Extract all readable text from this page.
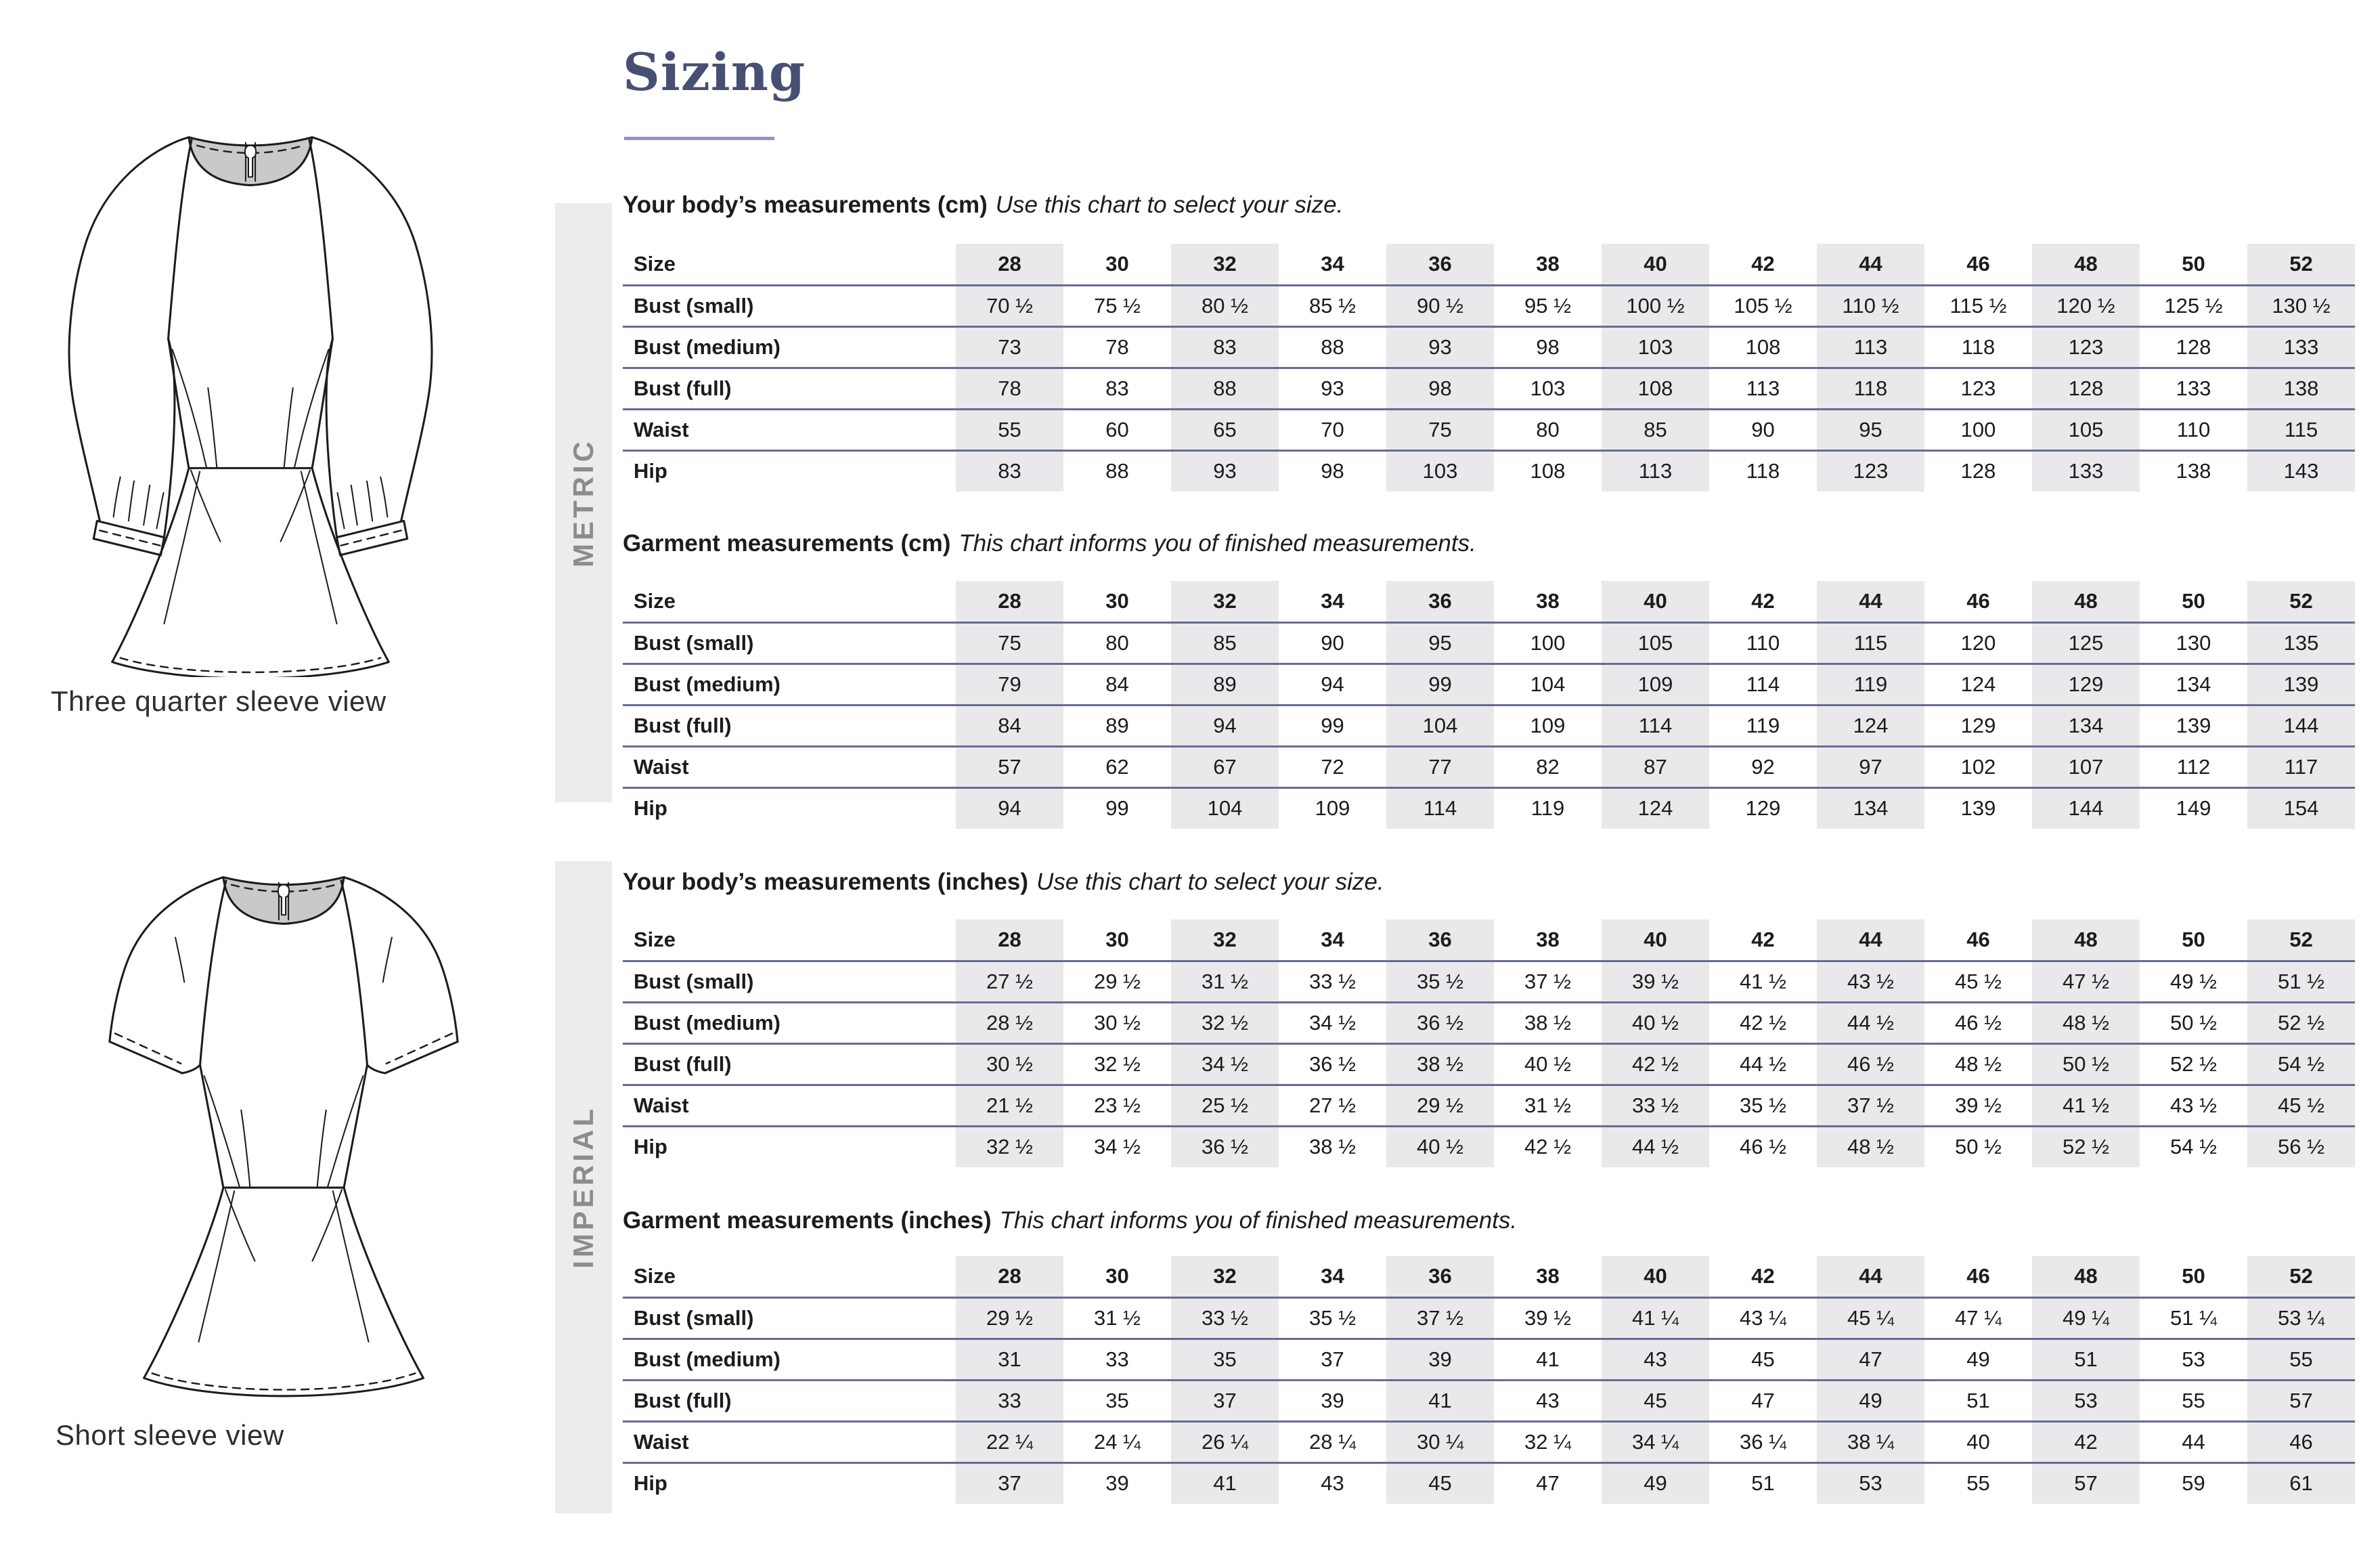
Three quarter sleeve view
Short sleeve view
Sizing
METRIC
IMPERIAL
Your body’s measurements (cm) Use this chart to select your size.
Size	28	30	32	34	36	38	40	42	44	46	48	50	52
Bust (small)	70 ½	75 ½	80 ½	85 ½	90 ½	95 ½	100 ½	105 ½	110 ½	115 ½	120 ½	125 ½	130 ½
Bust (medium)	73	78	83	88	93	98	103	108	113	118	123	128	133
Bust (full)	78	83	88	93	98	103	108	113	118	123	128	133	138
Waist	55	60	65	70	75	80	85	90	95	100	105	110	115
Hip	83	88	93	98	103	108	113	118	123	128	133	138	143
Garment measurements (cm) This chart informs you of finished measurements.
Size	28	30	32	34	36	38	40	42	44	46	48	50	52
Bust (small)	75	80	85	90	95	100	105	110	115	120	125	130	135
Bust (medium)	79	84	89	94	99	104	109	114	119	124	129	134	139
Bust (full)	84	89	94	99	104	109	114	119	124	129	134	139	144
Waist	57	62	67	72	77	82	87	92	97	102	107	112	117
Hip	94	99	104	109	114	119	124	129	134	139	144	149	154
Your body’s measurements (inches) Use this chart to select your size.
Size	28	30	32	34	36	38	40	42	44	46	48	50	52
Bust (small)	27 ½	29 ½	31 ½	33 ½	35 ½	37 ½	39 ½	41 ½	43 ½	45 ½	47 ½	49 ½	51 ½
Bust (medium)	28 ½	30 ½	32 ½	34 ½	36 ½	38 ½	40 ½	42 ½	44 ½	46 ½	48 ½	50 ½	52 ½
Bust (full)	30 ½	32 ½	34 ½	36 ½	38 ½	40 ½	42 ½	44 ½	46 ½	48 ½	50 ½	52 ½	54 ½
Waist	21 ½	23 ½	25 ½	27 ½	29 ½	31 ½	33 ½	35 ½	37 ½	39 ½	41 ½	43 ½	45 ½
Hip	32 ½	34 ½	36 ½	38 ½	40 ½	42 ½	44 ½	46 ½	48 ½	50 ½	52 ½	54 ½	56 ½
Garment measurements (inches) This chart informs you of finished measurements.
Size	28	30	32	34	36	38	40	42	44	46	48	50	52
Bust (small)	29 ½	31 ½	33 ½	35 ½	37 ½	39 ½	41 ¼	43 ¼	45 ¼	47 ¼	49 ¼	51 ¼	53 ¼
Bust (medium)	31	33	35	37	39	41	43	45	47	49	51	53	55
Bust (full)	33	35	37	39	41	43	45	47	49	51	53	55	57
Waist	22 ¼	24 ¼	26 ¼	28 ¼	30 ¼	32 ¼	34 ¼	36 ¼	38 ¼	40	42	44	46
Hip	37	39	41	43	45	47	49	51	53	55	57	59	61
